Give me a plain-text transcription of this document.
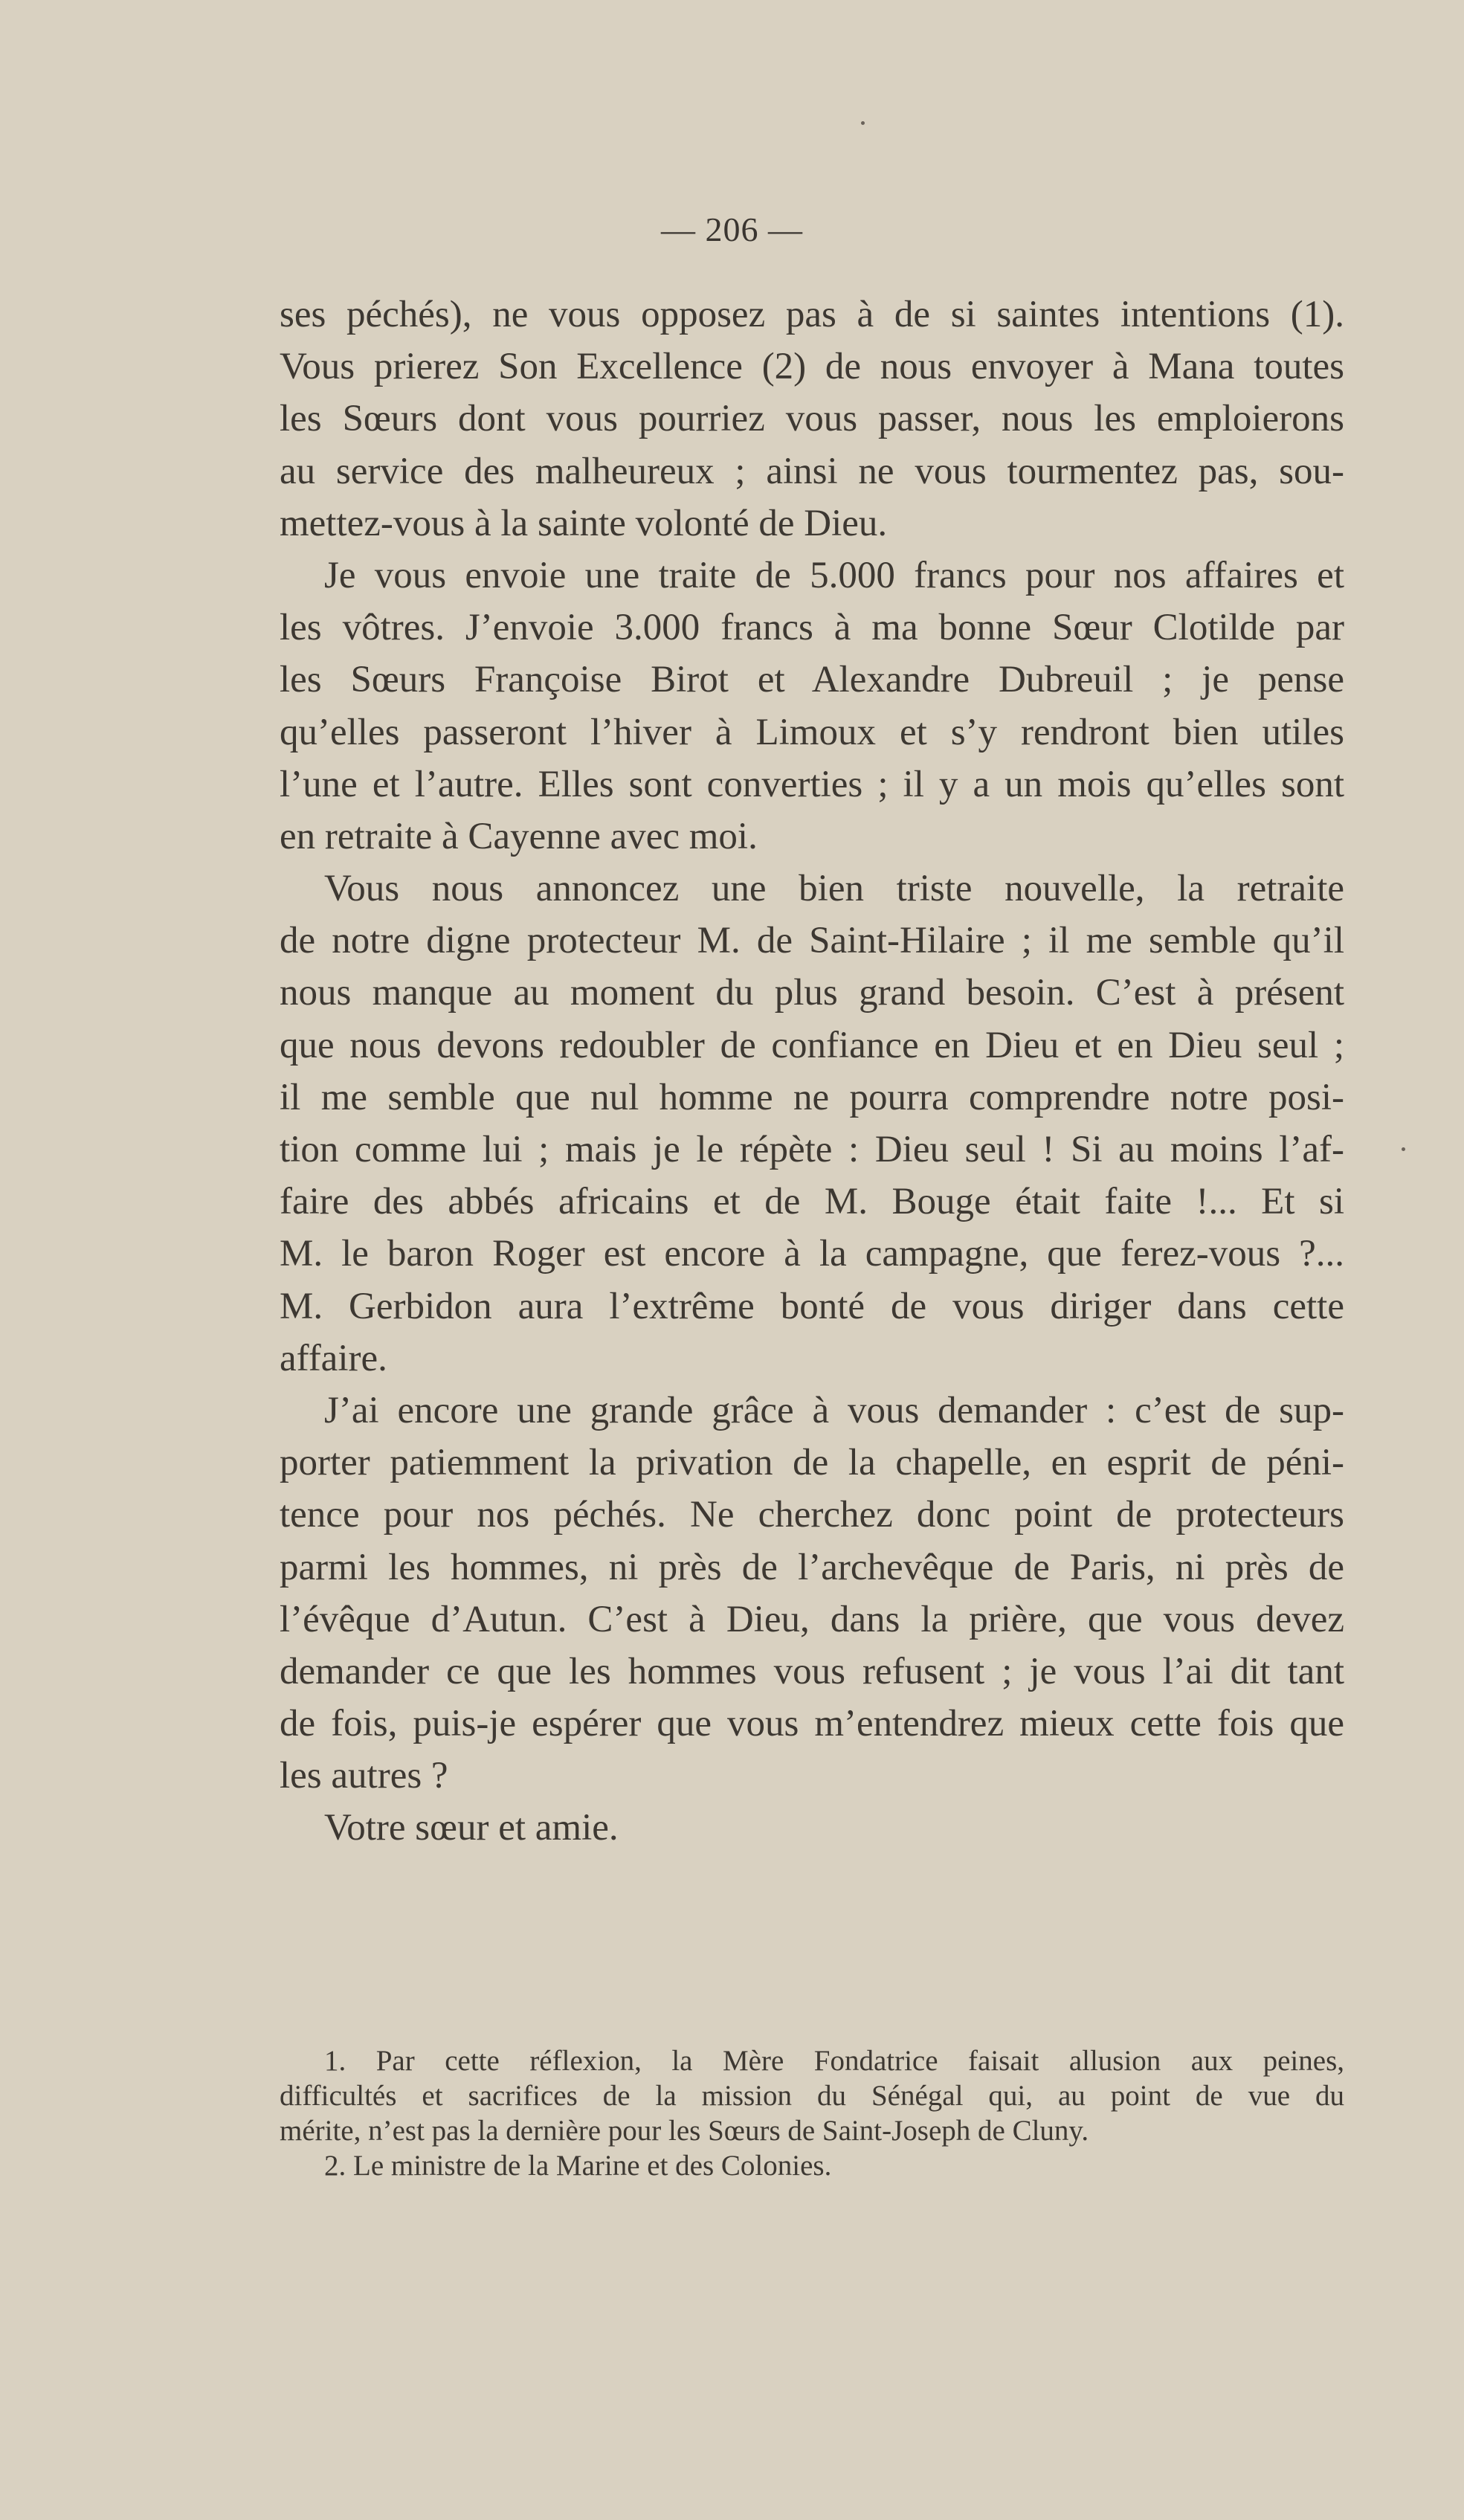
— 206 —
ses péchés), ne vous opposez pas à de si saintes intentions (1).
Vous prierez Son Excellence (2) de nous envoyer à Mana toutes
les Sœurs dont vous pourriez vous passer, nous les emploierons
au service des malheureux ; ainsi ne vous tourmentez pas, sou-
mettez-vous à la sainte volonté de Dieu.
Je vous envoie une traite de 5.000 francs pour nos affaires et
les vôtres. J’envoie 3.000 francs à ma bonne Sœur Clotilde par
les Sœurs Françoise Birot et Alexandre Dubreuil ; je pense
qu’elles passeront l’hiver à Limoux et s’y rendront bien utiles
l’une et l’autre. Elles sont converties ; il y a un mois qu’elles sont
en retraite à Cayenne avec moi.
Vous nous annoncez une bien triste nouvelle, la retraite
de notre digne protecteur M. de Saint-Hilaire ; il me semble qu’il
nous manque au moment du plus grand besoin. C’est à présent
que nous devons redoubler de confiance en Dieu et en Dieu seul ;
il me semble que nul homme ne pourra comprendre notre posi-
tion comme lui ; mais je le répète : Dieu seul ! Si au moins l’af-
faire des abbés africains et de M. Bouge était faite !... Et si
M. le baron Roger est encore à la campagne, que ferez-vous ?...
M. Gerbidon aura l’extrême bonté de vous diriger dans cette
affaire.
J’ai encore une grande grâce à vous demander : c’est de sup-
porter patiemment la privation de la chapelle, en esprit de péni-
tence pour nos péchés. Ne cherchez donc point de protecteurs
parmi les hommes, ni près de l’archevêque de Paris, ni près de
l’évêque d’Autun. C’est à Dieu, dans la prière, que vous devez
demander ce que les hommes vous refusent ; je vous l’ai dit tant
de fois, puis-je espérer que vous m’entendrez mieux cette fois que
les autres ?
Votre sœur et amie.
1. Par cette réflexion, la Mère Fondatrice faisait allusion aux peines,
difficultés et sacrifices de la mission du Sénégal qui, au point de vue du
mérite, n’est pas la dernière pour les Sœurs de Saint-Joseph de Cluny.
2. Le ministre de la Marine et des Colonies.
